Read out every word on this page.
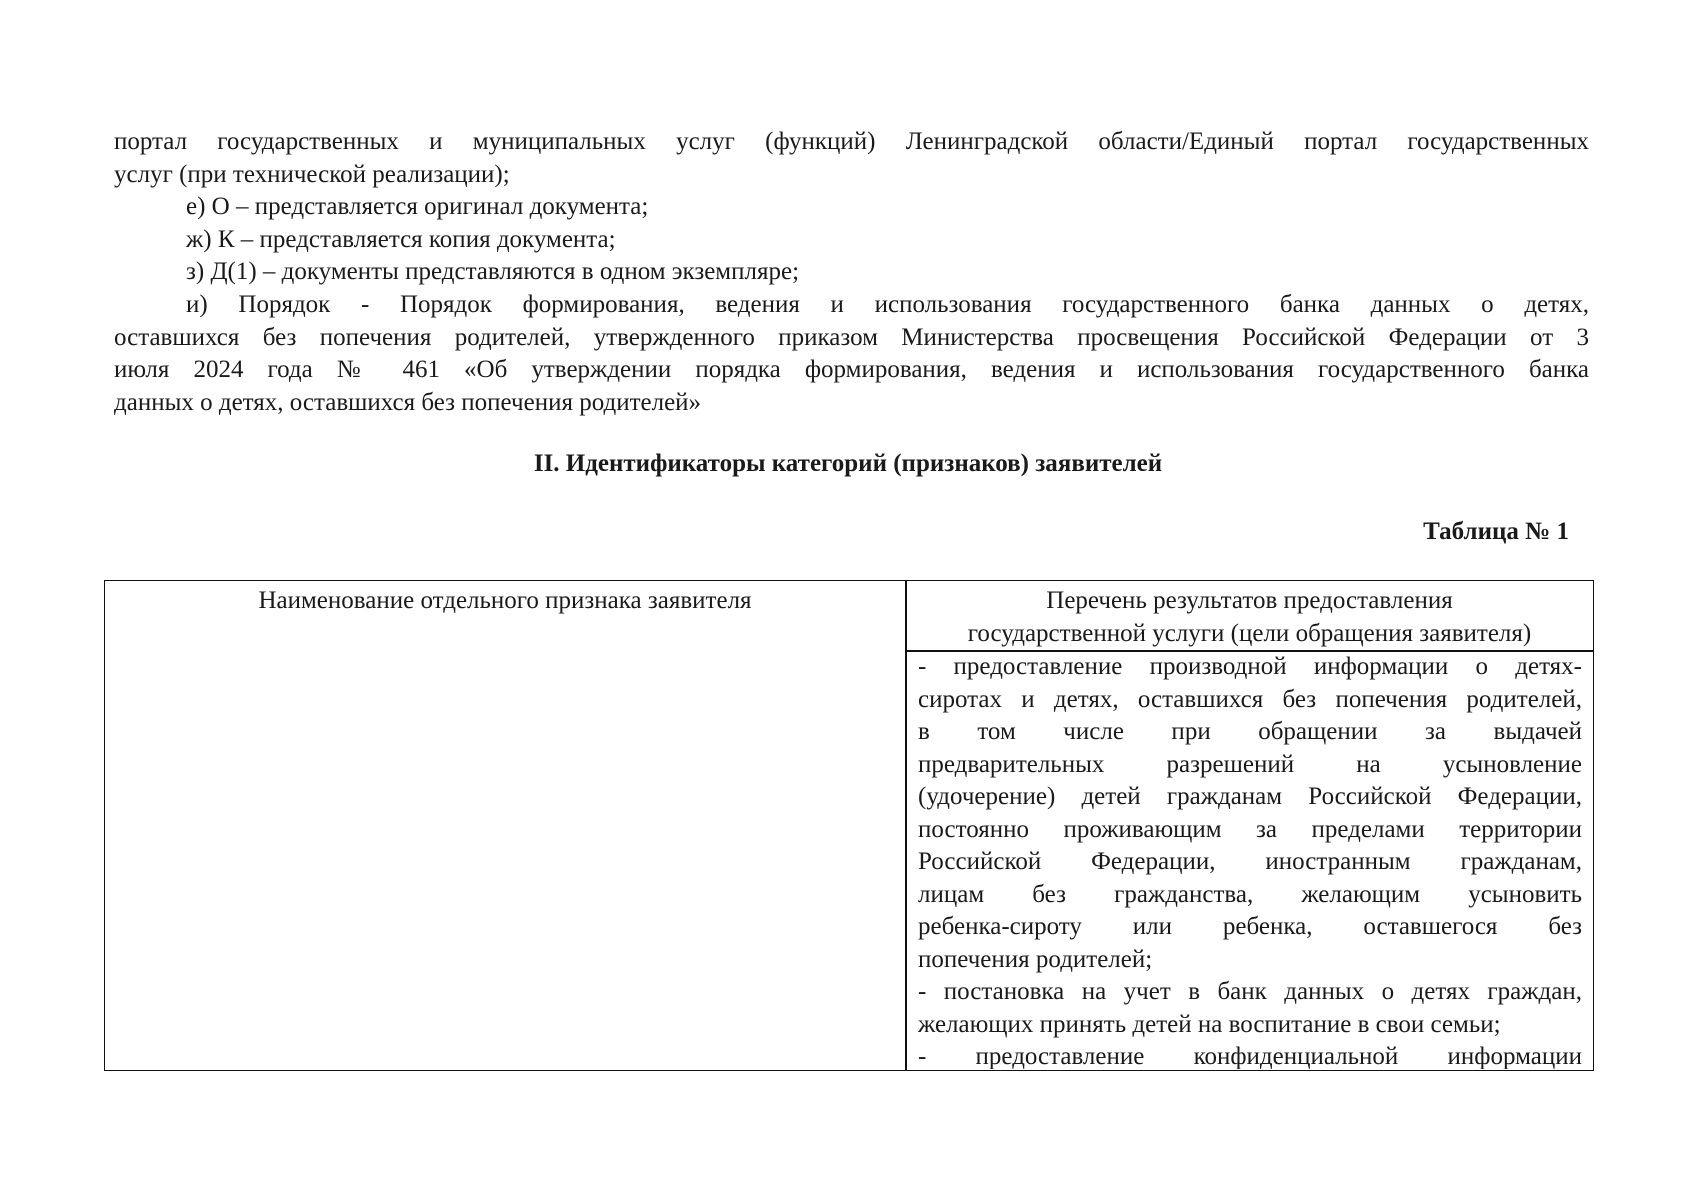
портал государственных и муниципальных услуг (функций) Ленинградской области/Единый портал государственных
услуг (при технической реализации);
е) О – представляется оригинал документа;
ж) К – представляется копия документа;
з) Д(1) – документы представляются в одном экземпляре;
и) Порядок - Порядок формирования, ведения и использования государственного банка данных о детях,
оставшихся без попечения родителей, утвержденного приказом Министерства просвещения Российской Федерации от 3
июля 2024 года № 461 «Об утверждении порядка формирования, ведения и использования государственного банка
данных о детях, оставшихся без попечения родителей»
II. Идентификаторы категорий (признаков) заявителей
Таблица № 1
Наименование отдельного признака заявителя	Перечень результатов предоставления
государственной услуги (цели обращения заявителя)
- предоставление производной информации о детях-
сиротах и детях, оставшихся без попечения родителей,
в том числе при обращении за выдачей
предварительных разрешений на усыновление
(удочерение) детей гражданам Российской Федерации,
постоянно проживающим за пределами территории
Российской Федерации, иностранным гражданам,
лицам без гражданства, желающим усыновить
ребенка-сироту или ребенка, оставшегося без
попечения родителей;
- постановка на учет в банк данных о детях граждан,
желающих принять детей на воспитание в свои семьи;
- предоставление конфиденциальной информации
